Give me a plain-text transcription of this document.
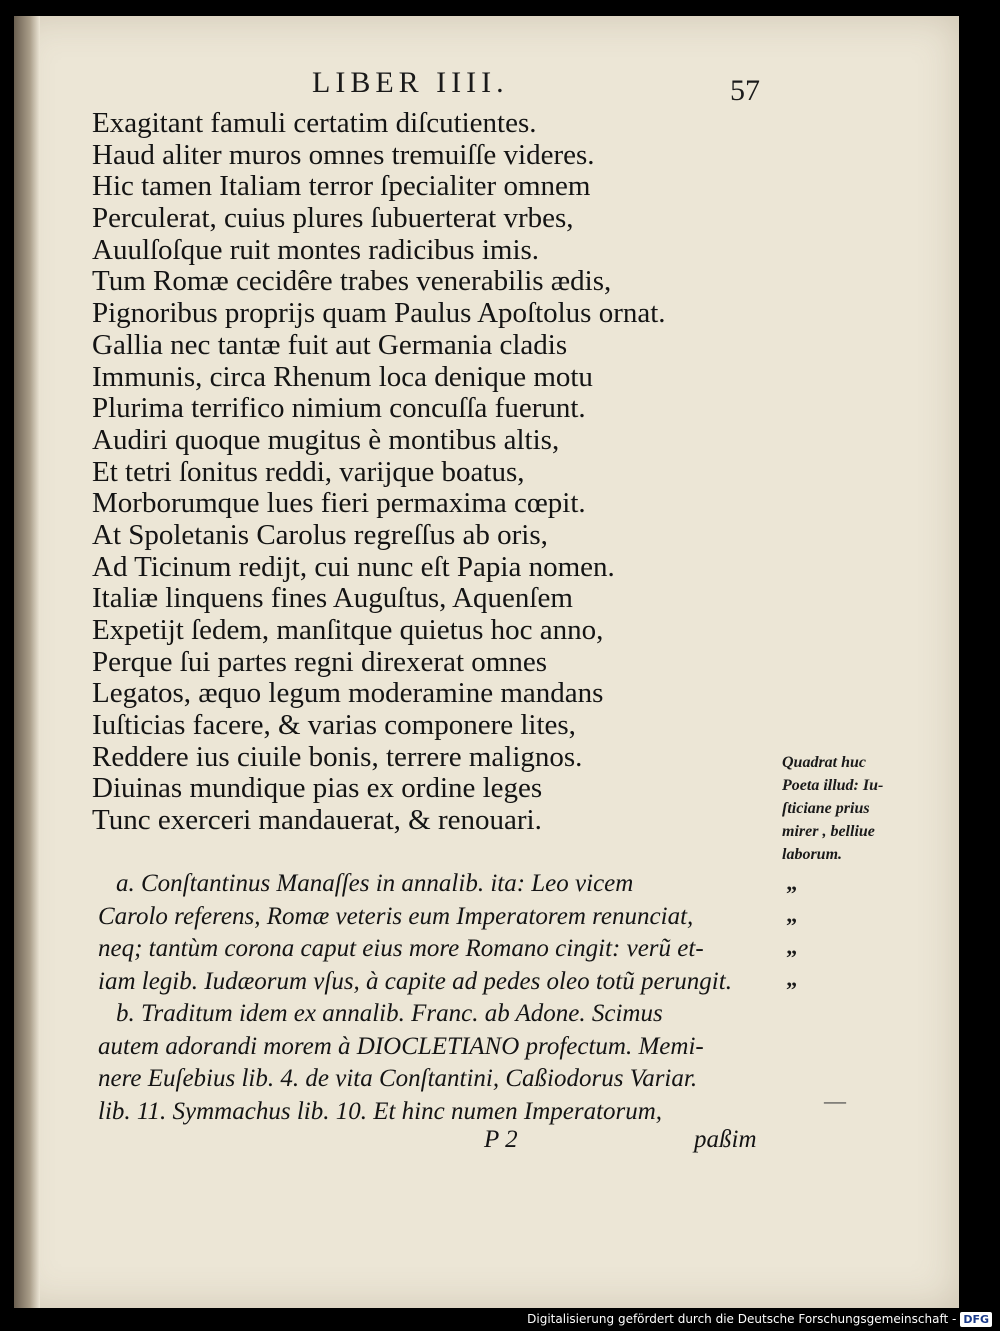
LIBER IIII.	57
Exagitant famuli certatim diſcutientes.
Haud aliter muros omnes tremuiſſe videres.
Hic tamen Italiam terror ſpecialiter omnem
Perculerat, cuius plures ſubuerterat vrbes,
Auulſoſque ruit montes radicibus imis.
Tum Romæ cecidêre trabes venerabilis ædis,
Pignoribus proprijs quam Paulus Apoſtolus ornat.
Gallia nec tantæ fuit aut Germania cladis
Immunis, circa Rhenum loca denique motu
Plurima terrifico nimium concuſſa fuerunt.
Audiri quoque mugitus è montibus altis,
Et tetri ſonitus reddi, varijque boatus,
Morborumque lues fieri permaxima cœpit.
At Spoletanis Carolus regreſſus ab oris,
Ad Ticinum redijt, cui nunc eſt Papia nomen.
Italiæ linquens fines Auguſtus, Aquenſem
Expetijt ſedem, manſitque quietus hoc anno,
Perque ſui partes regni direxerat omnes
Legatos, æquo legum moderamine mandans
Iuſticias facere, & varias componere lites,
Reddere ius ciuile bonis, terrere malignos.
Diuinas mundique pias ex ordine leges
Tunc exerceri mandauerat, & renouari.
Quadrat huc
Poeta illud: Iu-
ſticiane prius
mirer , belliue
laborum.
a. Conſtantinus Manaſſes in annalib. ita: Leo vicem
Carolo referens, Romæ veteris eum Imperatorem renunciat,
neq; tantùm corona caput eius more Romano cingit: verũ et-
iam legib. Iudæorum vſus, à capite ad pedes oleo totũ perungit.
b. Traditum idem ex annalib. Franc. ab Adone. Scimus
autem adorandi morem à DIOCLETIANO profectum. Memi-
nere Euſebius lib. 4. de vita Conſtantini, Caßiodorus Variar.
lib. 11. Symmachus lib. 10. Et hinc numen Imperatorum,
”
”
”
”
—
P 2	paßim
Digitalisierung gefördert durch die Deutsche Forschungsgemeinschaft - DFG
